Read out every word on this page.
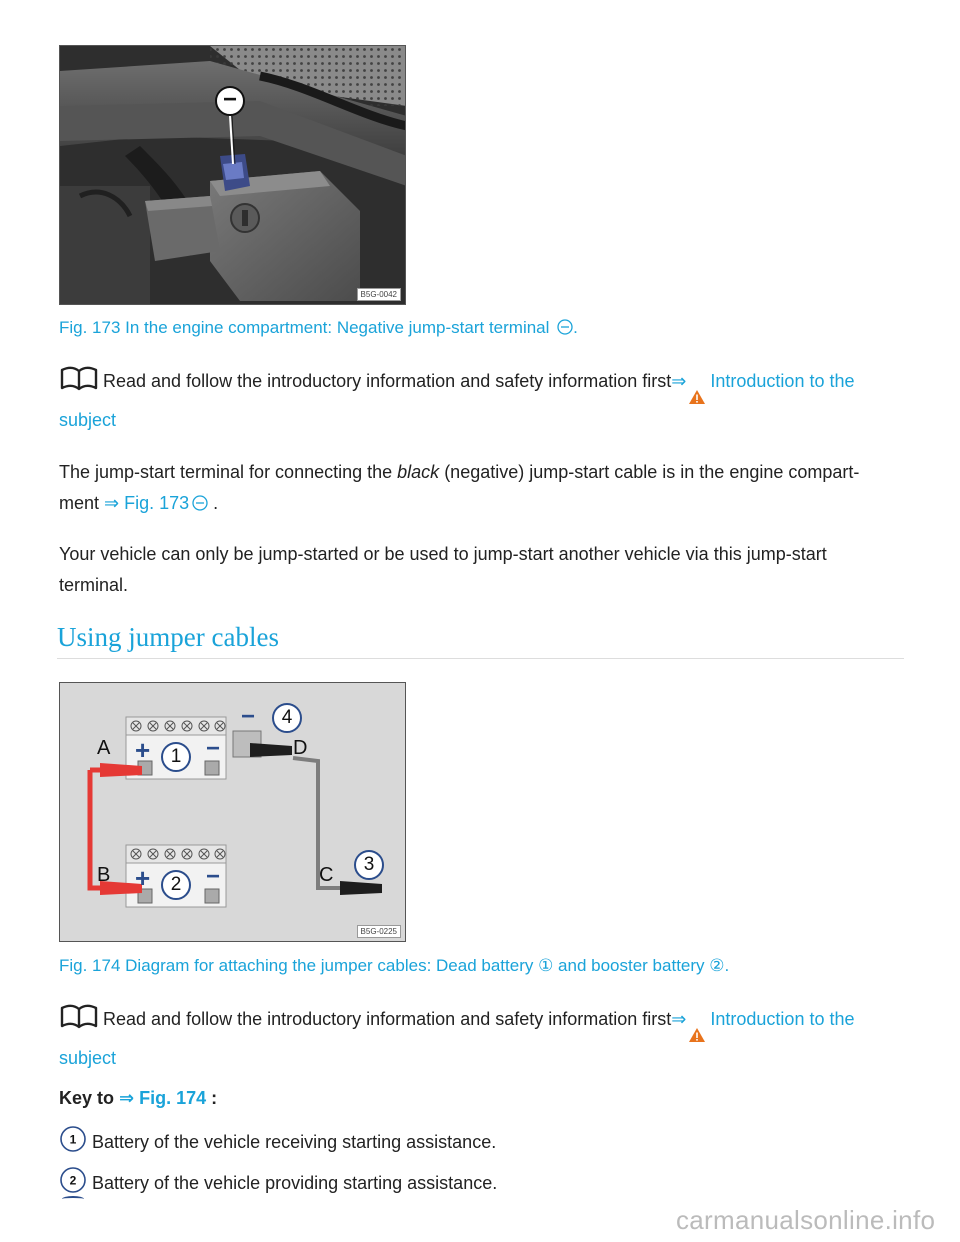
−
B5G-0042
Fig. 173 In the engine compartment: Negative jump-start terminal .
Read and follow the introductory information and safety information first⇒ Introduction to the
subject
The jump-start terminal for connecting the black (negative) jump-start cable is in the engine compart-
ment ⇒ Fig. 173 .
Your vehicle can only be jump-started or be used to jump-start another vehicle via this jump-start
terminal.
Using jumper cables
A
B	C
D
+ −
+ −
−
1
2
3
4
B5G-0225
Fig. 174 Diagram for attaching the jumper cables: Dead battery ① and booster battery ②.
Read and follow the introductory information and safety information first⇒ Introduction to the
subject
Key to ⇒ Fig. 174 :
1 Battery of the vehicle receiving starting assistance.
2 Battery of the vehicle providing starting assistance.
carmanualsonline.info
